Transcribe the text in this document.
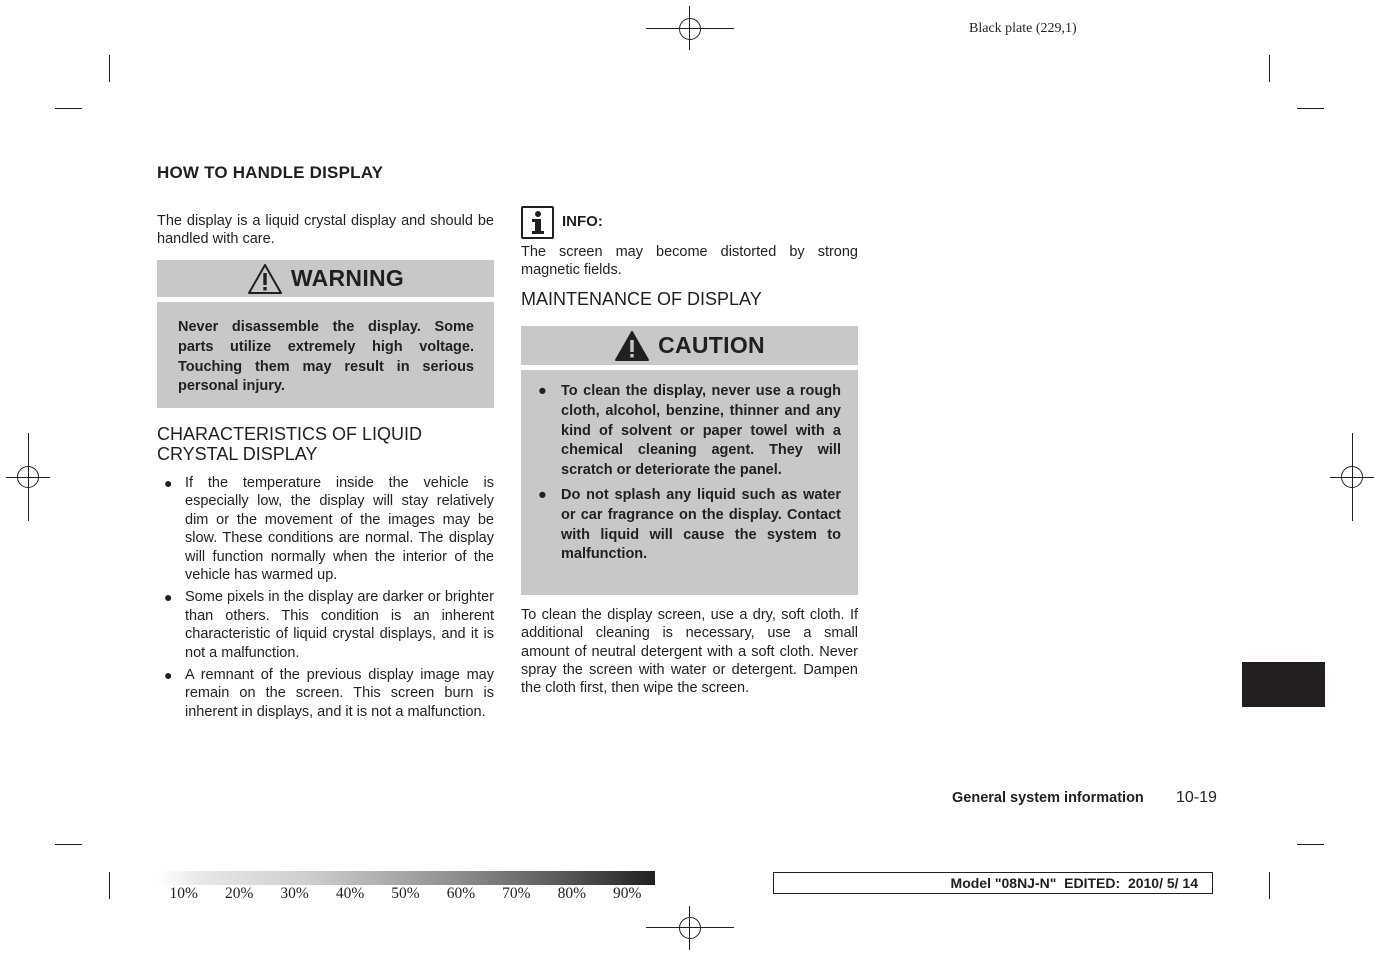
Black plate (229,1)
HOW TO HANDLE DISPLAY

The display is a liquid crystal display and should be handled with care.

WARNING

Never disassemble the display. Some parts utilize extremely high voltage. Touching them may result in serious personal injury.

CHARACTERISTICS OF LIQUID
CRYSTAL DISPLAY
● If the temperature inside the vehicle is especially low, the display will stay relatively dim or the movement of the images may be slow. These conditions are normal. The display will function normally when the interior of the vehicle has warmed up.
● Some pixels in the display are darker or brighter than others. This condition is an inherent characteristic of liquid crystal displays, and it is not a malfunction.
● A remnant of the previous display image may remain on the screen. This screen burn is inherent in displays, and it is not a malfunction.
INFO:

The screen may become distorted by strong magnetic fields.

MAINTENANCE OF DISPLAY
CAUTION
● To clean the display, never use a rough cloth, alcohol, benzine, thinner and any kind of solvent or paper towel with a chemical cleaning agent. They will scratch or deteriorate the panel.
● Do not splash any liquid such as water or car fragrance on the display. Contact with liquid will cause the system to malfunction.

To clean the display screen, use a dry, soft cloth. If additional cleaning is necessary, use a small amount of neutral detergent with a soft cloth. Never spray the screen with water or detergent. Dampen the cloth first, then wipe the screen.

General system information 10-19
10%	20%	30%	40%	50%	60%	70%	80%	90%
Model "08NJ-N"  EDITED:  2010/ 5/ 14
